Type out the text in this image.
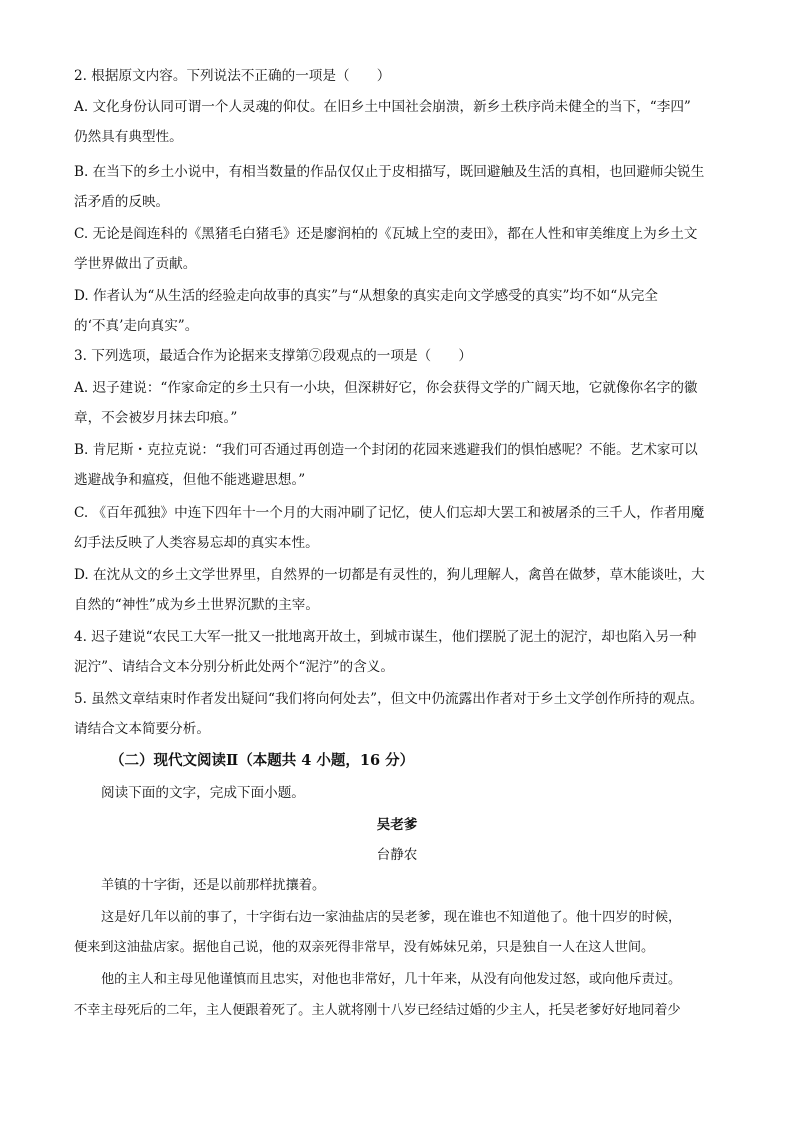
2. 根据原文内容。下列说法不正确的一项是（　　）
A. 文化身份认同可谓一个人灵魂的仰仗。在旧乡土中国社会崩溃，新乡土秩序尚未健全的当下，“李四”
仍然具有典型性。
B. 在当下的乡土小说中，有相当数量的作品仅仅止于皮相描写，既回避触及生活的真相，也回避师尖锐生
活矛盾的反映。
C. 无论是阎连科的《黑猪毛白猪毛》还是廖润柏的《瓦城上空的麦田》，都在人性和审美维度上为乡土文
学世界做出了贡献。
D. 作者认为“从生活的经验走向故事的真实”与“从想象的真实走向文学感受的真实”均不如“从完全
的‘不真’走向真实”。
3. 下列选项，最适合作为论据来支撑第⑦段观点的一项是（　　）
A. 迟子建说：“作家命定的乡土只有一小块，但深耕好它，你会获得文学的广阔天地，它就像你名字的徽
章，不会被岁月抹去印痕。”
B. 肯尼斯・克拉克说：“我们可否通过再创造一个封闭的花园来逃避我们的惧怕感呢？不能。艺术家可以
逃避战争和瘟疫，但他不能逃避思想。”
C. 《百年孤独》中连下四年十一个月的大雨冲刷了记忆，使人们忘却大罢工和被屠杀的三千人，作者用魔
幻手法反映了人类容易忘却的真实本性。
D. 在沈从文的乡土文学世界里，自然界的一切都是有灵性的，狗儿理解人，禽兽在做梦，草木能谈吐，大
自然的“神性”成为乡土世界沉默的主宰。
4. 迟子建说“农民工大军一批又一批地离开故土，到城市谋生，他们摆脱了泥土的泥泞，却也陷入另一种
泥泞”、请结合文本分别分析此处两个“泥泞”的含义。
5. 虽然文章结束时作者发出疑问“我们将向何处去”，但文中仍流露出作者对于乡土文学创作所持的观点。
请结合文本简要分析。
（二）现代文阅读Ⅱ（本题共 4 小题，16 分）
阅读下面的文字，完成下面小题。
吴老爹
台静农
羊镇的十字街，还是以前那样扰攘着。
这是好几年以前的事了，十字街右边一家油盐店的吴老爹，现在谁也不知道他了。他十四岁的时候，
便来到这油盐店家。据他自己说，他的双亲死得非常早，没有姊妹兄弟，只是独自一人在这人世间。
他的主人和主母见他谨慎而且忠实，对他也非常好，几十年来，从没有向他发过怒，或向他斥责过。
不幸主母死后的二年，主人便跟着死了。主人就将刚十八岁已经结过婚的少主人，托吴老爹好好地同着少
